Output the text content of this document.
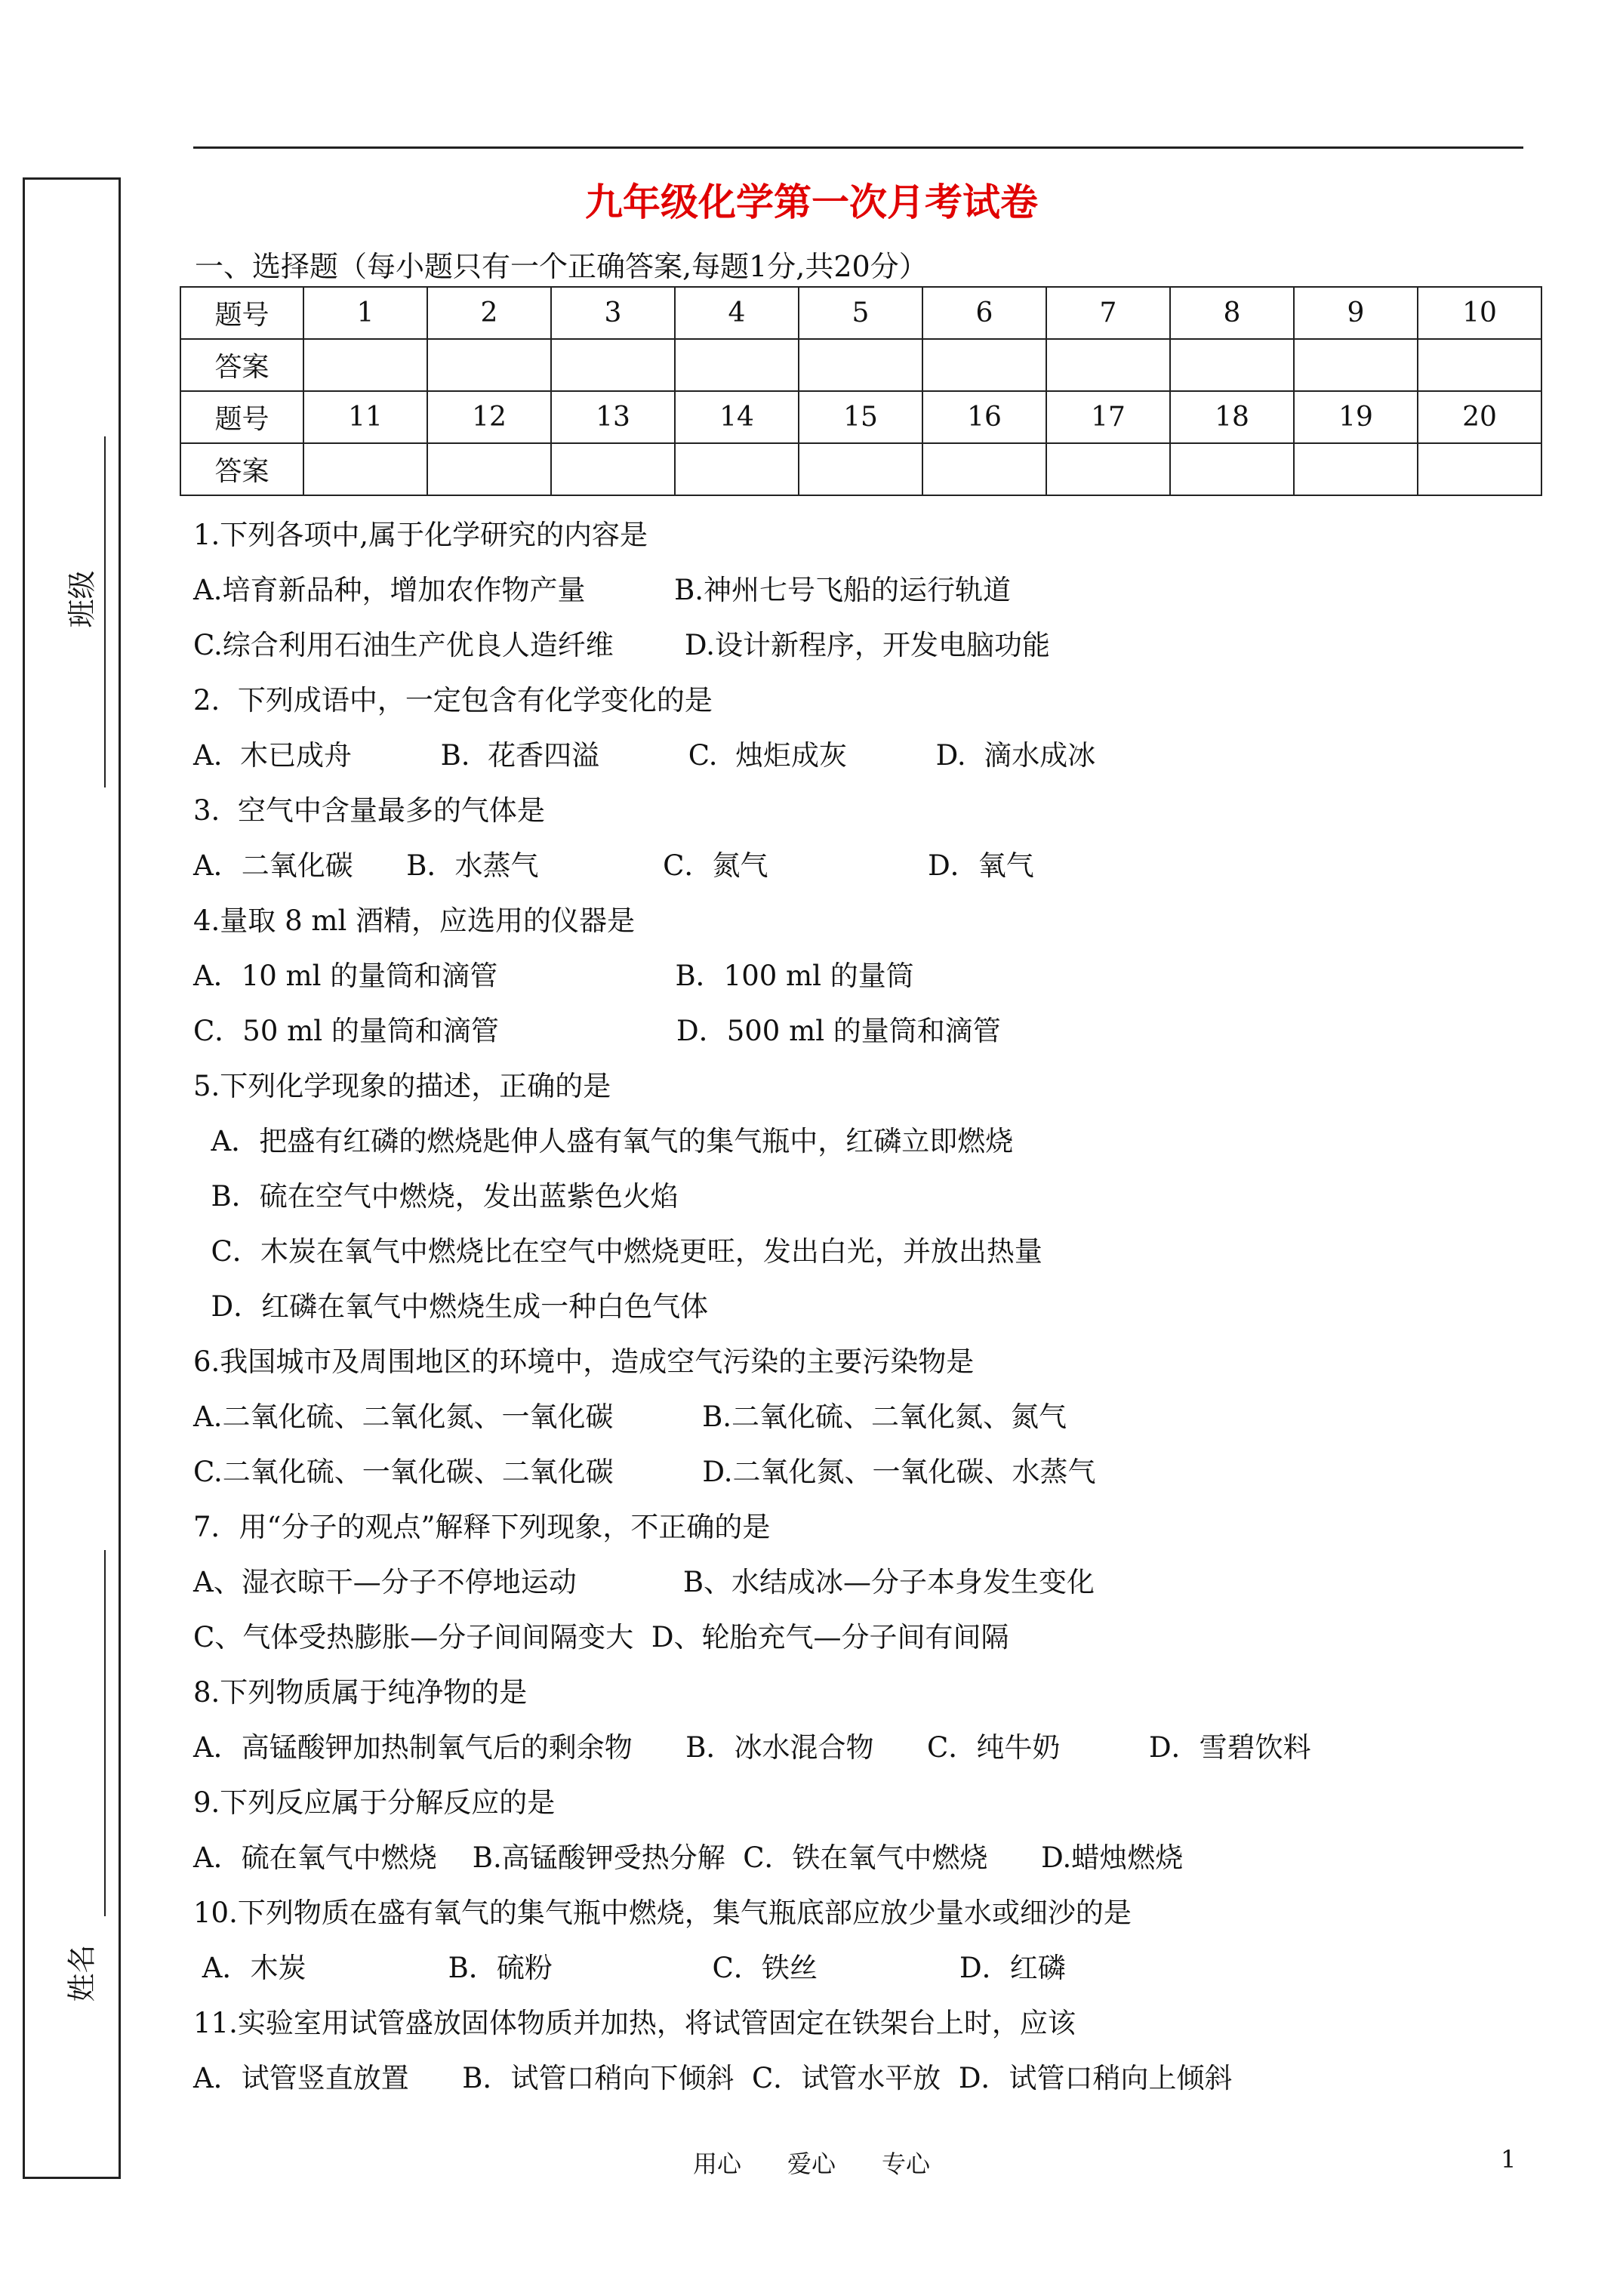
班级
姓名
九年级化学第一次月考试卷
一、选择题（每小题只有一个正确答案,每题1分,共20分）
题号	1	2	3	4	5	6	7	8	9	10
答案										
题号	11	12	13	14	15	16	17	18	19	20
答案										
1.下列各项中,属于化学研究的内容是
A.培育新品种，增加农作物产量          B.神州七号飞船的运行轨道
C.综合利用石油生产优良人造纤维        D.设计新程序，开发电脑功能
2.  下列成语中，一定包含有化学变化的是
A.  木已成舟          B.  花香四溢          C.  烛炬成灰          D.  滴水成冰
3.  空气中含量最多的气体是
A．二氧化碳      B．水蒸气              C．氮气                  D．氧气
4.量取 8 ml 酒精，应选用的仪器是
A．10 ml 的量筒和滴管                    B．100 ml 的量筒
C．50 ml 的量筒和滴管                    D．500 ml 的量筒和滴管
5.下列化学现象的描述，正确的是
A．把盛有红磷的燃烧匙伸人盛有氧气的集气瓶中，红磷立即燃烧
B．硫在空气中燃烧，发出蓝紫色火焰
C．木炭在氧气中燃烧比在空气中燃烧更旺，发出白光，并放出热量
D．红磷在氧气中燃烧生成一种白色气体
6.我国城市及周围地区的环境中，造成空气污染的主要污染物是
A.二氧化硫、二氧化氮、一氧化碳          B.二氧化硫、二氧化氮、氮气
C.二氧化硫、一氧化碳、二氧化碳          D.二氧化氮、一氧化碳、水蒸气
7．用“分子的观点”解释下列现象，不正确的是
A、湿衣晾干—分子不停地运动            B、水结成冰—分子本身发生变化
C、气体受热膨胀—分子间间隔变大  D、轮胎充气—分子间有间隔
8.下列物质属于纯净物的是
A．高锰酸钾加热制氧气后的剩余物      B．冰水混合物      C．纯牛奶          D．雪碧饮料
9.下列反应属于分解反应的是
A．硫在氧气中燃烧    B.高锰酸钾受热分解  C．铁在氧气中燃烧      D.蜡烛燃烧
10.下列物质在盛有氧气的集气瓶中燃烧，集气瓶底部应放少量水或细沙的是
A．木炭                B．硫粉                  C．铁丝                D．红磷
11.实验室用试管盛放固体物质并加热，将试管固定在铁架台上时，应该
A．试管竖直放置      B．试管口稍向下倾斜  C．试管水平放  D．试管口稍向上倾斜
用心      爱心      专心	1
